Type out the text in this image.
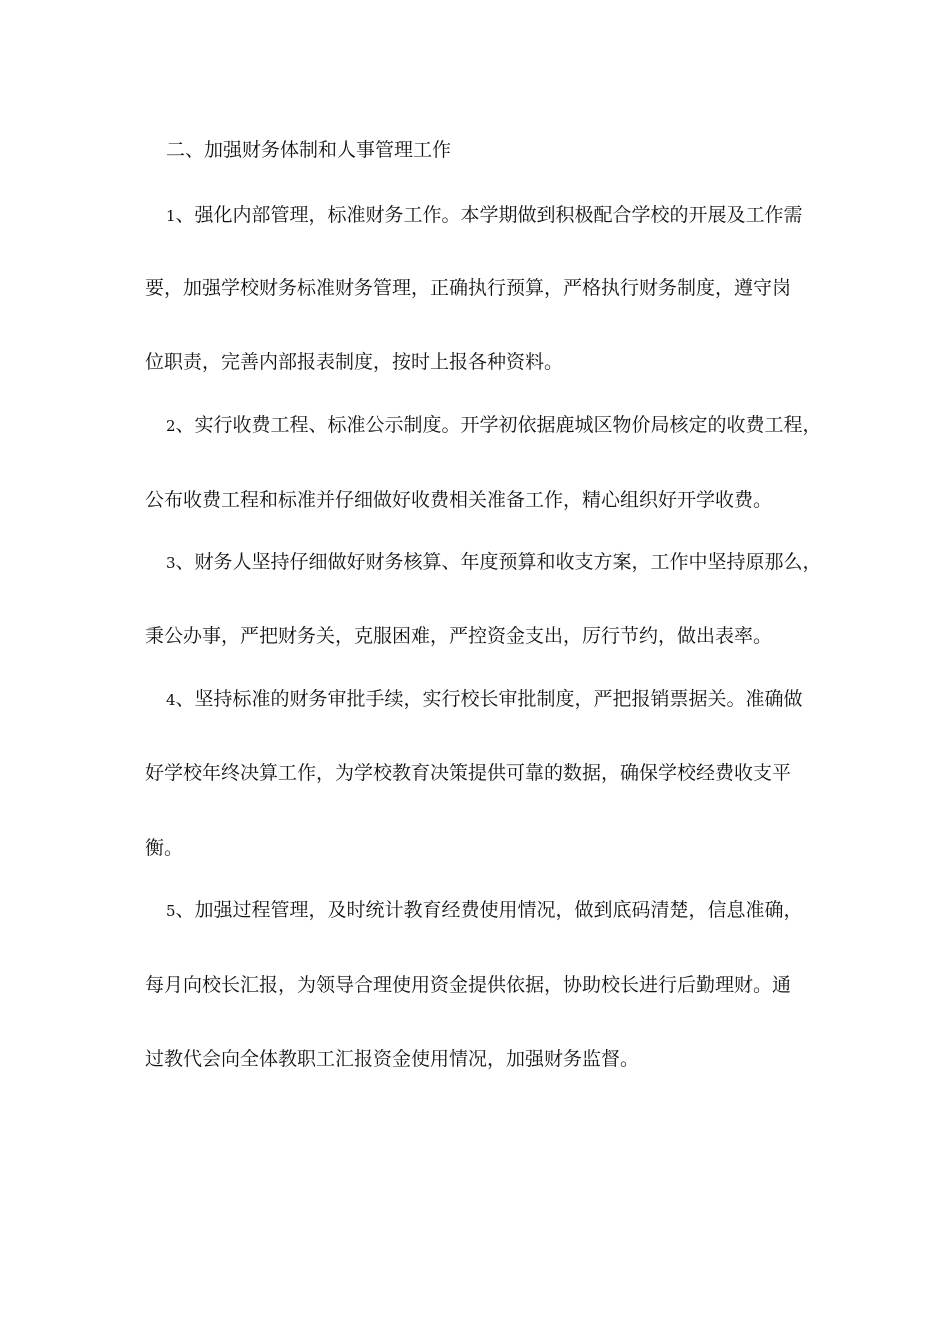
二、加强财务体制和人事管理工作
1、强化内部管理，标准财务工作。本学期做到积极配合学校的开展及工作需
要，加强学校财务标准财务管理，正确执行预算，严格执行财务制度，遵守岗
位职责，完善内部报表制度，按时上报各种资料。
2、实行收费工程、标准公示制度。开学初依据鹿城区物价局核定的收费工程，
公布收费工程和标准并仔细做好收费相关准备工作，精心组织好开学收费。
3、财务人坚持仔细做好财务核算、年度预算和收支方案，工作中坚持原那么，
秉公办事，严把财务关，克服困难，严控资金支出，厉行节约，做出表率。
4、坚持标准的财务审批手续，实行校长审批制度，严把报销票据关。准确做
好学校年终决算工作，为学校教育决策提供可靠的数据，确保学校经费收支平
衡。
5、加强过程管理，及时统计教育经费使用情况，做到底码清楚，信息准确，
每月向校长汇报，为领导合理使用资金提供依据，协助校长进行后勤理财。通
过教代会向全体教职工汇报资金使用情况，加强财务监督。
